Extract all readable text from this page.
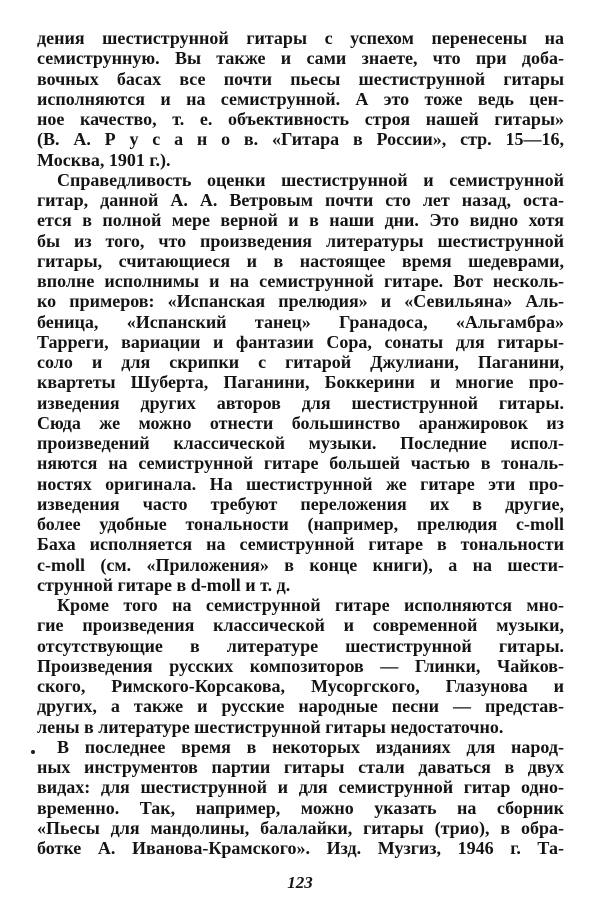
дения шестиструнной гитары с успехом перенесены на
семиструнную. Вы также и сами знаете, что при доба-
вочных басах все почти пьесы шестиструнной гитары
исполняются и на семиструнной. А это тоже ведь цен-
ное качество, т. е. объективность строя нашей гитары»
(В. А. Р у с а н о в. «Гитара в России», стр. 15—16,
Москва, 1901 г.).
Справедливость оценки шестиструнной и семиструнной
гитар, данной А. А. Ветровым почти сто лет назад, оста-
ется в полной мере верной и в наши дни. Это видно хотя
бы из того, что произведения литературы шестиструнной
гитары, считающиеся и в настоящее время шедеврами,
вполне исполнимы и на семиструнной гитаре. Вот несколь-
ко примеров: «Испанская прелюдия» и «Севильяна» Аль-
беница, «Испанский танец» Гранадоса, «Альгамбра»
Тарреги, вариации и фантазии Сора, сонаты для гитары-
соло и для скрипки с гитарой Джулиани, Паганини,
квартеты Шуберта, Паганини, Боккерини и многие про-
изведения других авторов для шестиструнной гитары.
Сюда же можно отнести большинство аранжировок из
произведений классической музыки. Последние испол-
няются на семиструнной гитаре большей частью в тональ-
ностях оригинала. На шестиструнной же гитаре эти про-
изведения часто требуют переложения их в другие,
более удобные тональности (например, прелюдия c-moll
Баха исполняется на семиструнной гитаре в тональности
c-moll (см. «Приложения» в конце книги), а на шести-
струнной гитаре в d-moll и т. д.
Кроме того на семиструнной гитаре исполняются мно-
гие произведения классической и современной музыки,
отсутствующие в литературе шестиструнной гитары.
Произведения русских композиторов — Глинки, Чайков-
ского, Римского-Корсакова, Мусоргского, Глазунова и
других, а также и русские народные песни — представ-
лены в литературе шестиструнной гитары недостаточно.
В последнее время в некоторых изданиях для народ-
ных инструментов партии гитары стали даваться в двух
видах: для шестиструнной и для семиструнной гитар одно-
временно. Так, например, можно указать на сборник
«Пьесы для мандолины, балалайки, гитары (трио), в обра-
ботке А. Иванова-Крамского». Изд. Музгиз, 1946 г. Та-
123
